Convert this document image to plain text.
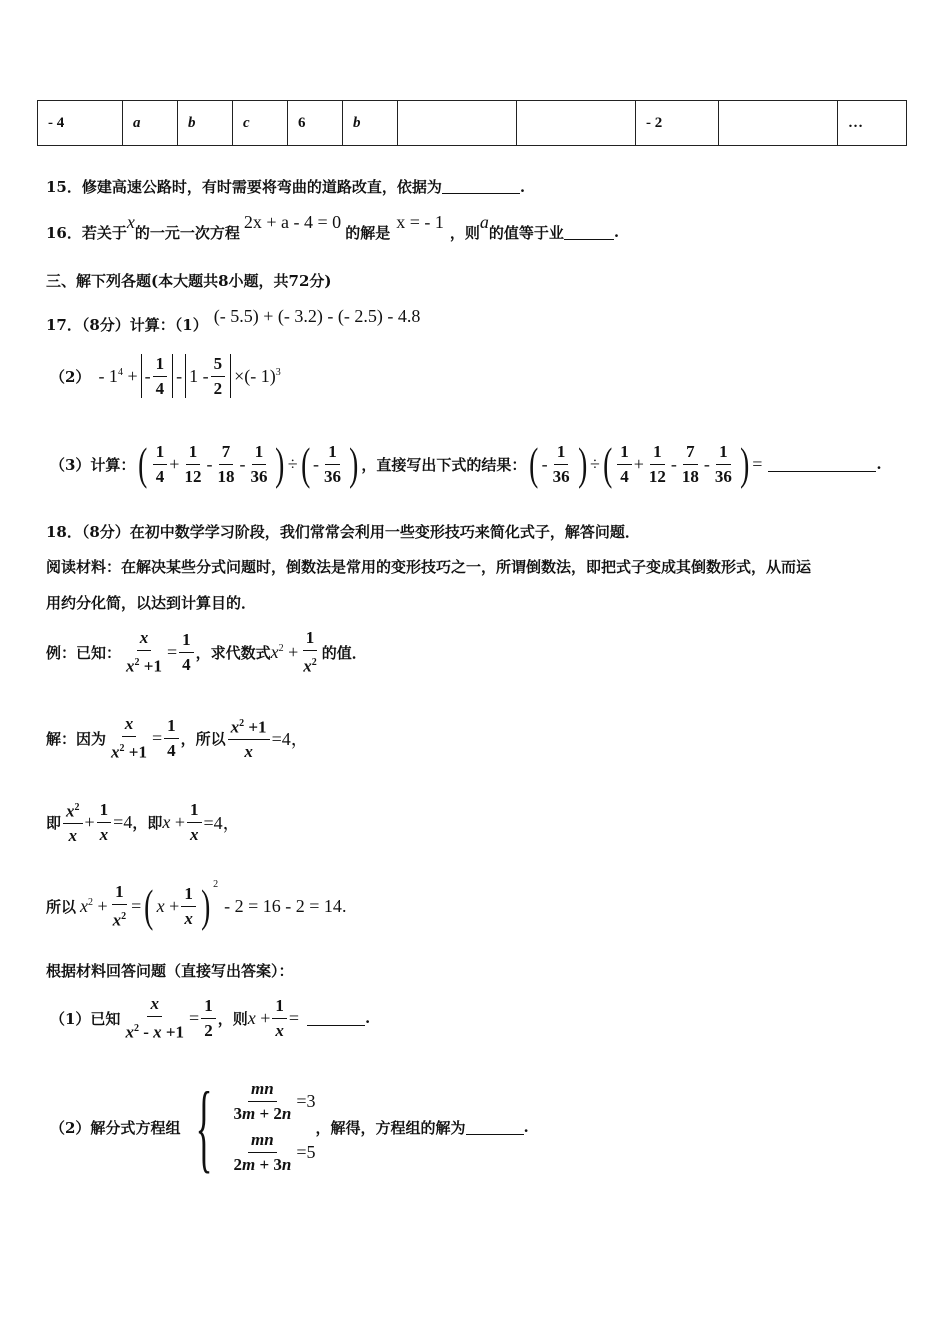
- 4	a	b	c	6	b			- 2		…
15．修建高速公路时，有时需要将弯曲的道路改直，依据为	.
16．若关于
x
的一元一次方程
2x + a - 4 = 0
的解是
x = - 1
，则
a
的值等于业	.
三、解下列各题(本大题共8小题，共72分)
17．（8分）计算：（1） (- 5.5) + (- 3.2) - (- 2.5) - 4.8
$(2) - 1^4$ + - $\frac{1}{4} - 1 - \frac{5}{2}$ ×(- 1)$^3$
（3）计算： ( $\frac{1}{4} + \frac{1}{12} - \frac{7}{18} - \frac{1}{36}$ ) ÷ ( - $\frac{1}{36}$ ) ，直接写出下式的结果： ( - $\frac{1}{36}$ ) ÷ ( $\frac{1}{4} + \frac{1}{12} - \frac{7}{18} - \frac{1}{36}$ ) =	.
18．（8分）在初中数学学习阶段，我们常常会利用一些变形技巧来简化式子，解答问题．
阅读材料：在解决某些分式问题时，倒数法是常用的变形技巧之一，所谓倒数法，即把式子变成其倒数形式，从而运
用约分化简，以达到计算目的．
例：已知： $\frac{x}{x^2 +1} = \frac{1}{4}$ ，求代数式 $x^2 + \frac{1}{x^2}$ 的值．
解：因为 $\frac{x}{x^2 +1} = \frac{1}{4}$ ，所以 $\frac{x^2 +1}{x} =4$，
即 $\frac{x^2}{x} + \frac{1}{x} =4$ ，即 $x + \frac{1}{x} =4$，
所以 $x^2 + \frac{1}{x^2}$ = ( $x + \frac{1}{x}$ ) 2
- 2 = 16 - 2 = 14 .
根据材料回答问题（直接写出答案）：
（1）已知 $\frac{x}{x^2 - x +1} = \frac{1}{2}$ ，则 $x + \frac{1}{x}$ =	.
（2）解分式方程组 { $\frac{mn}{3m + 2n} =3$
$\frac{mn}{2m + 3n} =5$
，解得，方程组的解为	.
